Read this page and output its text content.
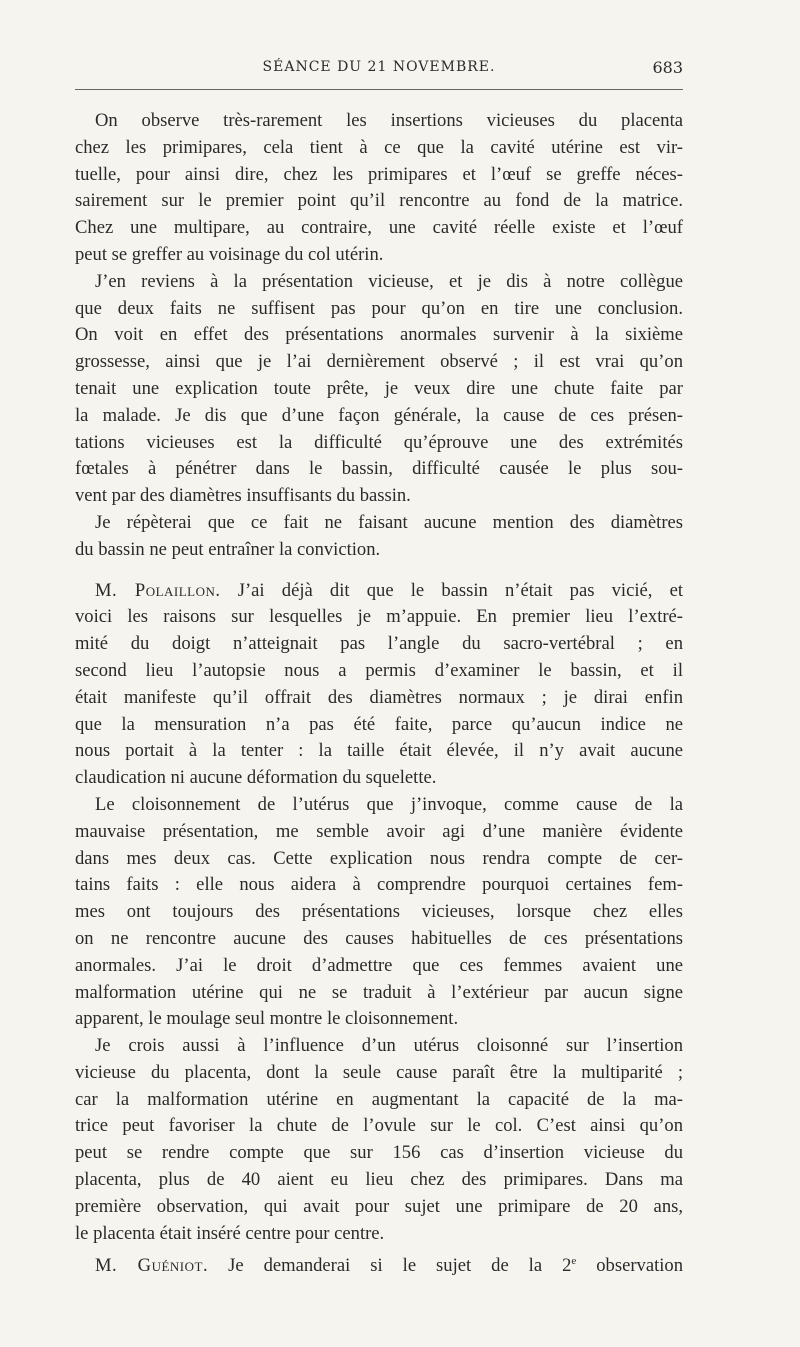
SÉANCE DU 21 NOVEMBRE.	683
On observe très-rarement les insertions vicieuses du placenta
chez les primipares, cela tient à ce que la cavité utérine est vir-
tuelle, pour ainsi dire, chez les primipares et l’œuf se greffe néces-
sairement sur le premier point qu’il rencontre au fond de la matrice.
Chez une multipare, au contraire, une cavité réelle existe et l’œuf
peut se greffer au voisinage du col utérin.
J’en reviens à la présentation vicieuse, et je dis à notre collègue
que deux faits ne suffisent pas pour qu’on en tire une conclusion.
On voit en effet des présentations anormales survenir à la sixième
grossesse, ainsi que je l’ai dernièrement observé ; il est vrai qu’on
tenait une explication toute prête, je veux dire une chute faite par
la malade. Je dis que d’une façon générale, la cause de ces présen-
tations vicieuses est la difficulté qu’éprouve une des extrémités
fœtales à pénétrer dans le bassin, difficulté causée le plus sou-
vent par des diamètres insuffisants du bassin.
Je répèterai que ce fait ne faisant aucune mention des diamètres
du bassin ne peut entraîner la conviction.
M. Polaillon. J’ai déjà dit que le bassin n’était pas vicié, et
voici les raisons sur lesquelles je m’appuie. En premier lieu l’extré-
mité du doigt n’atteignait pas l’angle du sacro-vertébral ; en
second lieu l’autopsie nous a permis d’examiner le bassin, et il
était manifeste qu’il offrait des diamètres normaux ; je dirai enfin
que la mensuration n’a pas été faite, parce qu’aucun indice ne
nous portait à la tenter : la taille était élevée, il n’y avait aucune
claudication ni aucune déformation du squelette.
Le cloisonnement de l’utérus que j’invoque, comme cause de la
mauvaise présentation, me semble avoir agi d’une manière évidente
dans mes deux cas. Cette explication nous rendra compte de cer-
tains faits : elle nous aidera à comprendre pourquoi certaines fem-
mes ont toujours des présentations vicieuses, lorsque chez elles
on ne rencontre aucune des causes habituelles de ces présentations
anormales. J’ai le droit d’admettre que ces femmes avaient une
malformation utérine qui ne se traduit à l’extérieur par aucun signe
apparent, le moulage seul montre le cloisonnement.
Je crois aussi à l’influence d’un utérus cloisonné sur l’insertion
vicieuse du placenta, dont la seule cause paraît être la multiparité ;
car la malformation utérine en augmentant la capacité de la ma-
trice peut favoriser la chute de l’ovule sur le col. C’est ainsi qu’on
peut se rendre compte que sur 156 cas d’insertion vicieuse du
placenta, plus de 40 aient eu lieu chez des primipares. Dans ma
première observation, qui avait pour sujet une primipare de 20 ans,
le placenta était inséré centre pour centre.
M. Guéniot. Je demanderai si le sujet de la 2e observation
